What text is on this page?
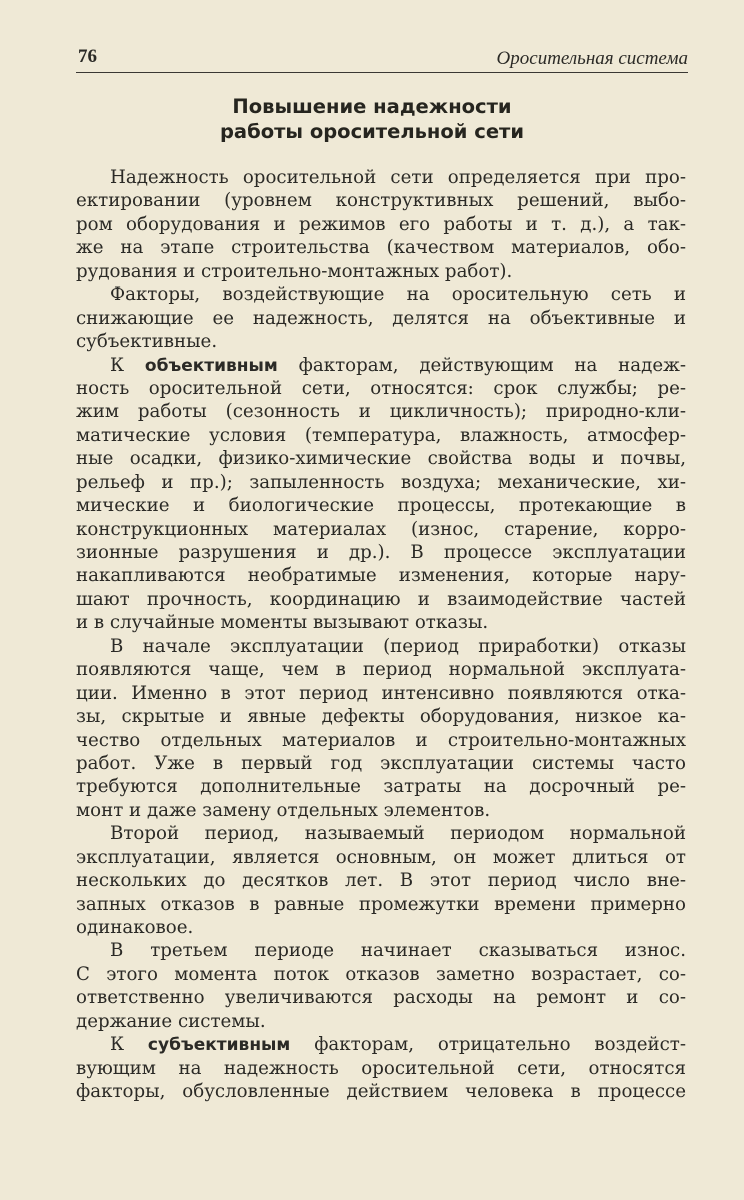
76	Оросительная система
Повышение надежности
работы оросительной сети
Надежность оросительной сети определяется при про-
ектировании (уровнем конструктивных решений, выбо-
ром оборудования и режимов его работы и т. д.), а так-
же на этапе строительства (качеством материалов, обо-
рудования и строительно-монтажных работ).
Факторы, воздействующие на оросительную сеть и
снижающие ее надежность, делятся на объективные и
субъективные.
К объективным факторам, действующим на надеж-
ность оросительной сети, относятся: срок службы; ре-
жим работы (сезонность и цикличность); природно-кли-
матические условия (температура, влажность, атмосфер-
ные осадки, физико-химические свойства воды и почвы,
рельеф и пр.); запыленность воздуха; механические, хи-
мические и биологические процессы, протекающие в
конструкционных материалах (износ, старение, корро-
зионные разрушения и др.). В процессе эксплуатации
накапливаются необратимые изменения, которые нару-
шают прочность, координацию и взаимодействие частей
и в случайные моменты вызывают отказы.
В начале эксплуатации (период приработки) отказы
появляются чаще, чем в период нормальной эксплуата-
ции. Именно в этот период интенсивно появляются отка-
зы, скрытые и явные дефекты оборудования, низкое ка-
чество отдельных материалов и строительно-монтажных
работ. Уже в первый год эксплуатации системы часто
требуются дополнительные затраты на досрочный ре-
монт и даже замену отдельных элементов.
Второй период, называемый периодом нормальной
эксплуатации, является основным, он может длиться от
нескольких до десятков лет. В этот период число вне-
запных отказов в равные промежутки времени примерно
одинаковое.
В третьем периоде начинает сказываться износ.
С этого момента поток отказов заметно возрастает, со-
ответственно увеличиваются расходы на ремонт и со-
держание системы.
К субъективным факторам, отрицательно воздейст-
вующим на надежность оросительной сети, относятся
факторы, обусловленные действием человека в процессе
